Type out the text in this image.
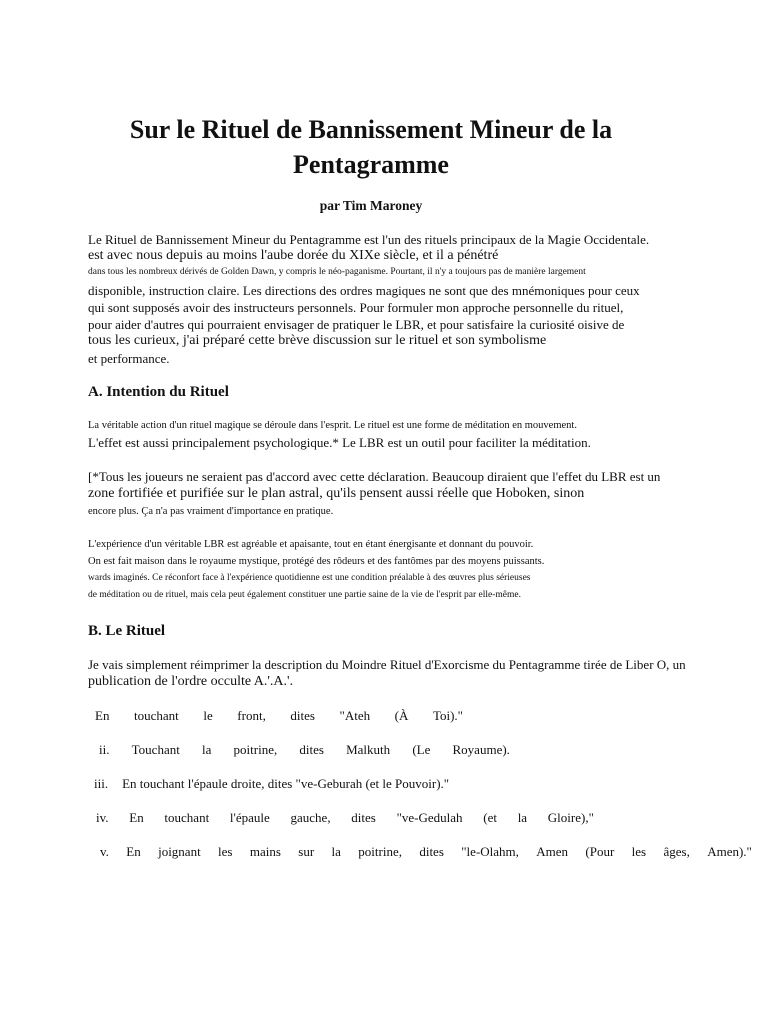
Sur le Rituel de Bannissement Mineur de la Pentagramme

par Tim Maroney

Le Rituel de Bannissement Mineur du Pentagramme est l'un des rituels principaux de la Magie Occidentale.

est avec nous depuis au moins l'aube dorée du XIXe siècle, et il a pénétré

dans tous les nombreux dérivés de Golden Dawn, y compris le néo-paganisme. Pourtant, il n'y a toujours pas de manière largement

disponible, instruction claire. Les directions des ordres magiques ne sont que des mnémoniques pour ceux

qui sont supposés avoir des instructeurs personnels. Pour formuler mon approche personnelle du rituel,

pour aider d'autres qui pourraient envisager de pratiquer le LBR, et pour satisfaire la curiosité oisive de

tous les curieux, j'ai préparé cette brève discussion sur le rituel et son symbolisme

et performance.

A. Intention du Rituel

La véritable action d'un rituel magique se déroule dans l'esprit. Le rituel est une forme de méditation en mouvement.

L'effet est aussi principalement psychologique.* Le LBR est un outil pour faciliter la méditation.

[*Tous les joueurs ne seraient pas d'accord avec cette déclaration. Beaucoup diraient que l'effet du LBR est un

zone fortifiée et purifiée sur le plan astral, qu'ils pensent aussi réelle que Hoboken, sinon

encore plus. Ça n'a pas vraiment d'importance en pratique.

L'expérience d'un véritable LBR est agréable et apaisante, tout en étant énergisante et donnant du pouvoir.

On est fait maison dans le royaume mystique, protégé des rôdeurs et des fantômes par des moyens puissants.

wards imaginés. Ce réconfort face à l'expérience quotidienne est une condition préalable à des œuvres plus sérieuses

de méditation ou de rituel, mais cela peut également constituer une partie saine de la vie de l'esprit par elle-même.

B. Le Rituel

Je vais simplement réimprimer la description du Moindre Rituel d'Exorcisme du Pentagramme tirée de Liber O, un

publication de l'ordre occulte A.'.A.'.

En touchant le front, dites "Ateh (À Toi)."
ii. Touchant la poitrine, dites Malkuth (Le Royaume).
iii. En touchant l'épaule droite, dites "ve-Geburah (et le Pouvoir)."
iv. En touchant l'épaule gauche, dites "ve-Gedulah (et la Gloire),"
v. En joignant les mains sur la poitrine, dites "le-Olahm, Amen (Pour les âges, Amen)."
